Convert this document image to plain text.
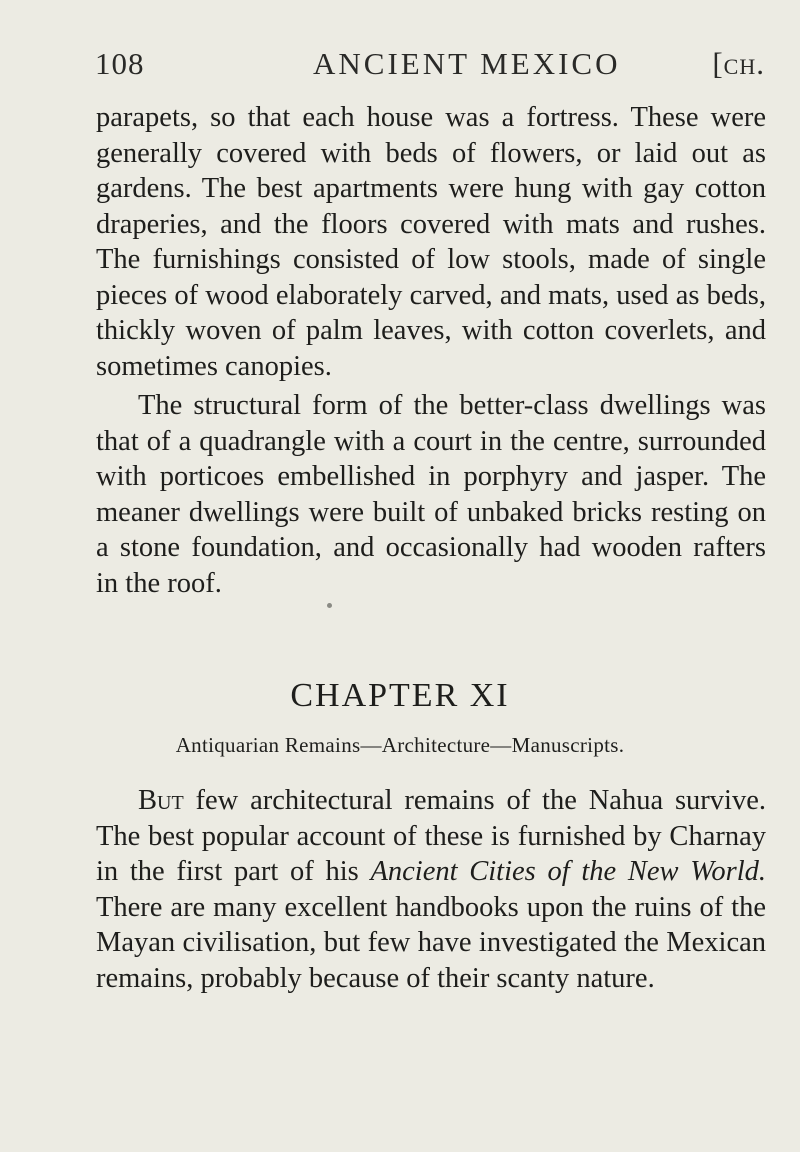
108	ANCIENT MEXICO	[ch.

parapets, so that each house was a fortress. These were generally covered with beds of flowers, or laid out as gardens. The best apartments were hung with gay cotton draperies, and the floors covered with mats and rushes. The furnishings consisted of low stools, made of single pieces of wood elaborately carved, and mats, used as beds, thickly woven of palm leaves, with cotton coverlets, and sometimes canopies.

The structural form of the better-class dwellings was that of a quadrangle with a court in the centre, surrounded with porticoes embellished in porphyry and jasper. The meaner dwellings were built of unbaked bricks resting on a stone foundation, and occasionally had wooden rafters in the roof.

CHAPTER XI

Antiquarian Remains—Architecture—Manuscripts.

But few architectural remains of the Nahua survive. The best popular account of these is furnished by Charnay in the first part of his Ancient Cities of the New World. There are many excellent handbooks upon the ruins of the Mayan civilisation, but few have investigated the Mexican remains, probably because of their scanty nature.
